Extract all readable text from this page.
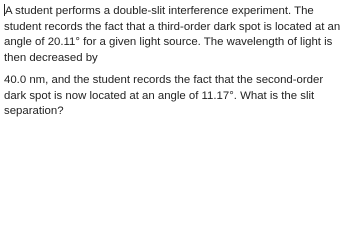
A student performs a double-slit interference experiment. The student records the fact that a third-order dark spot is located at an angle of 20.11° for a given light source. The wavelength of light is then decreased by

40.0 nm, and the student records the fact that the second-order dark spot is now located at an angle of 11.17°. What is the slit separation?
